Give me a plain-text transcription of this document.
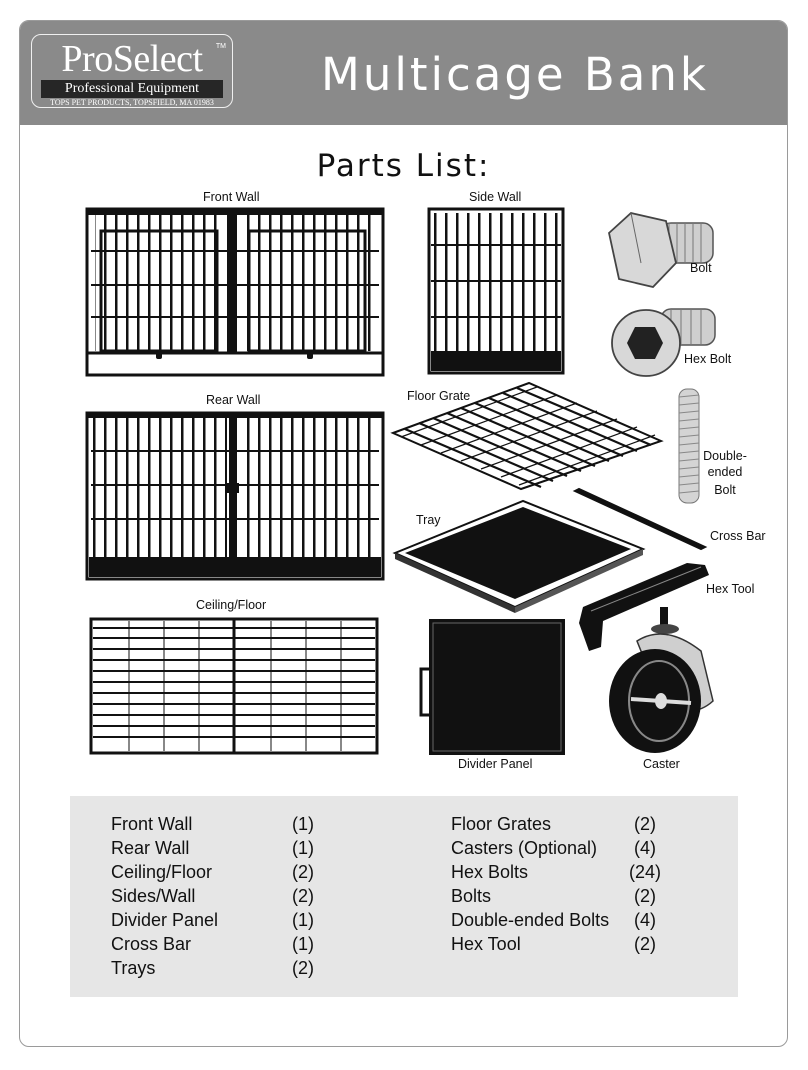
ProSelect	TM
Professional Equipment
TOPS PET PRODUCTS, TOPSFIELD, MA 01983
Multicage Bank
Parts List:
Front Wall	Side Wall
Bolt
Hex Bolt
Rear Wall	Floor Grate
Double-
ended
Bolt
Tray
Cross Bar
Hex Tool
Ceiling/Floor
Divider Panel	Caster
Front Wall	(1)
Rear Wall	(1)
Ceiling/Floor	(2)
Sides/Wall	(2)
Divider Panel	(1)
Cross Bar	(1)
Trays	(2)
Floor Grates	(2)
Casters (Optional)	(4)
Hex Bolts	(24)
Bolts	(2)
Double-ended Bolts	(4)
Hex Tool	(2)
